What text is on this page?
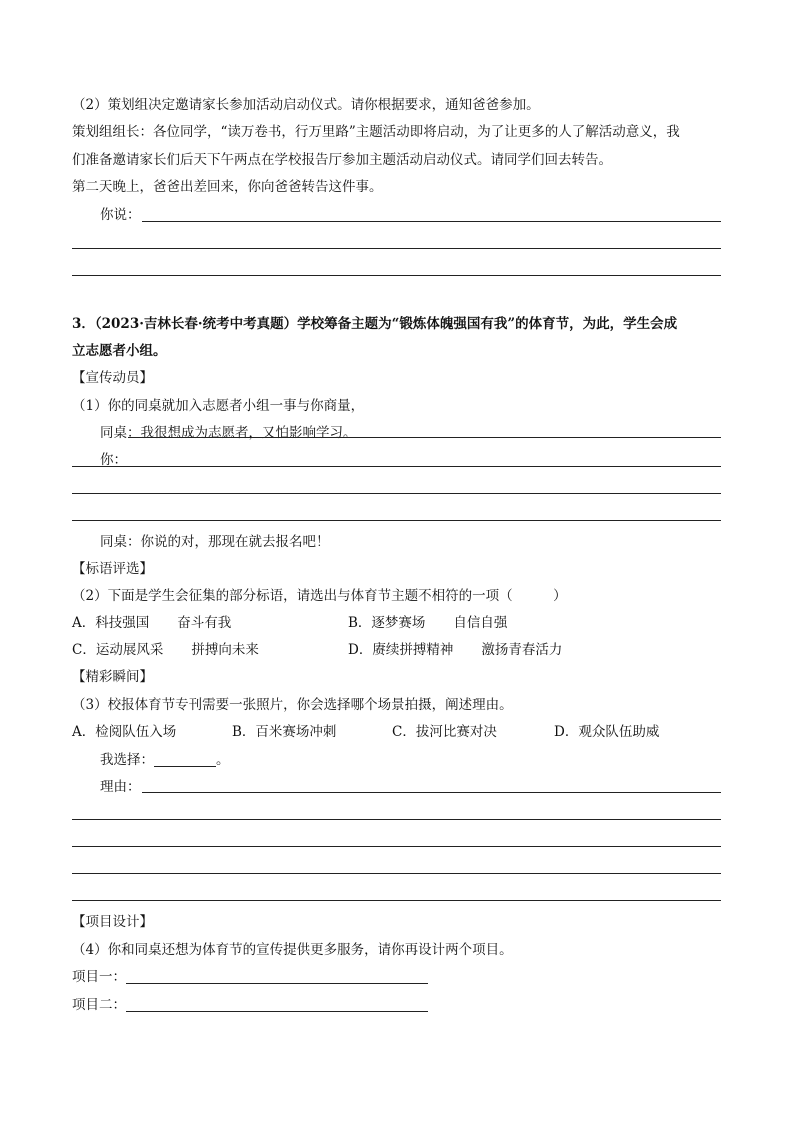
（2）策划组决定邀请家长参加活动启动仪式。请你根据要求，通知爸爸参加。
策划组组长：各位同学，“读万卷书，行万里路”主题活动即将启动，为了让更多的人了解活动意义，我
们准备邀请家长们后天下午两点在学校报告厅参加主题活动启动仪式。请同学们回去转告。
第二天晚上，爸爸出差回来，你向爸爸转告这件事。
你说：
3．（2023·吉林长春·统考中考真题）学校筹备主题为“锻炼体魄强国有我”的体育节，为此，学生会成
立志愿者小组。
【宣传动员】
（1）你的同桌就加入志愿者小组一事与你商量，
同桌：我很想成为志愿者，又怕影响学习。
你：
同桌：你说的对，那现在就去报名吧！
【标语评选】
（2）下面是学生会征集的部分标语，请选出与体育节主题不相符的一项（　　　）
A．科技强国 奋斗有我	B．逐梦赛场 自信自强
C．运动展风采 拼搏向未来	D．赓续拼搏精神 激扬青春活力
【精彩瞬间】
（3）校报体育节专刊需要一张照片，你会选择哪个场景拍摄，阐述理由。
A．检阅队伍入场	B．百米赛场冲刺	C．拔河比赛对决	D．观众队伍助威
我选择：	。
理由：
【项目设计】
（4）你和同桌还想为体育节的宣传提供更多服务，请你再设计两个项目。
项目一：
项目二：
